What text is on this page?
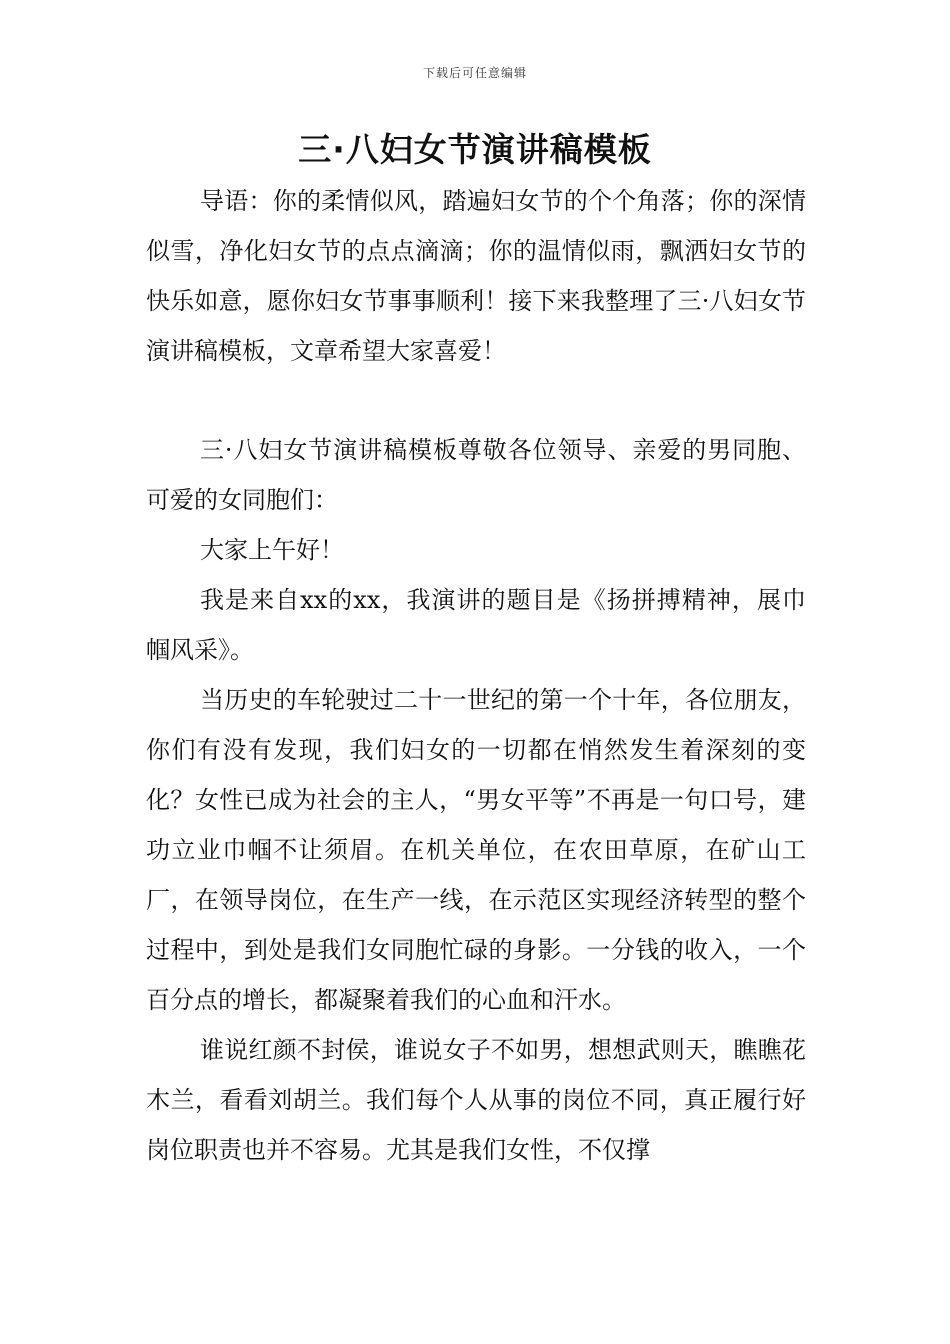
下载后可任意编辑
三·八妇女节演讲稿模板

导语：你的柔情似风，踏遍妇女节的个个角落；你的深情似雪，净化妇女节的点点滴滴；你的温情似雨，飘洒妇女节的快乐如意，愿你妇女节事事顺利！接下来我整理了三·八妇女节演讲稿模板，文章希望大家喜爱！

三·八妇女节演讲稿模板尊敬各位领导、亲爱的男同胞、可爱的女同胞们：

大家上午好！

我是来自xx的xx，我演讲的题目是《扬拼搏精神，展巾帼风采》。

当历史的车轮驶过二十一世纪的第一个十年，各位朋友，你们有没有发现，我们妇女的一切都在悄然发生着深刻的变化？女性已成为社会的主人，“男女平等”不再是一句口号，建功立业巾帼不让须眉。在机关单位，在农田草原，在矿山工厂，在领导岗位，在生产一线，在示范区实现经济转型的整个过程中，到处是我们女同胞忙碌的身影。一分钱的收入，一个百分点的增长，都凝聚着我们的心血和汗水。

谁说红颜不封侯，谁说女子不如男，想想武则天，瞧瞧花木兰，看看刘胡兰。我们每个人从事的岗位不同，真正履行好岗位职责也并不容易。尤其是我们女性，不仅撑
